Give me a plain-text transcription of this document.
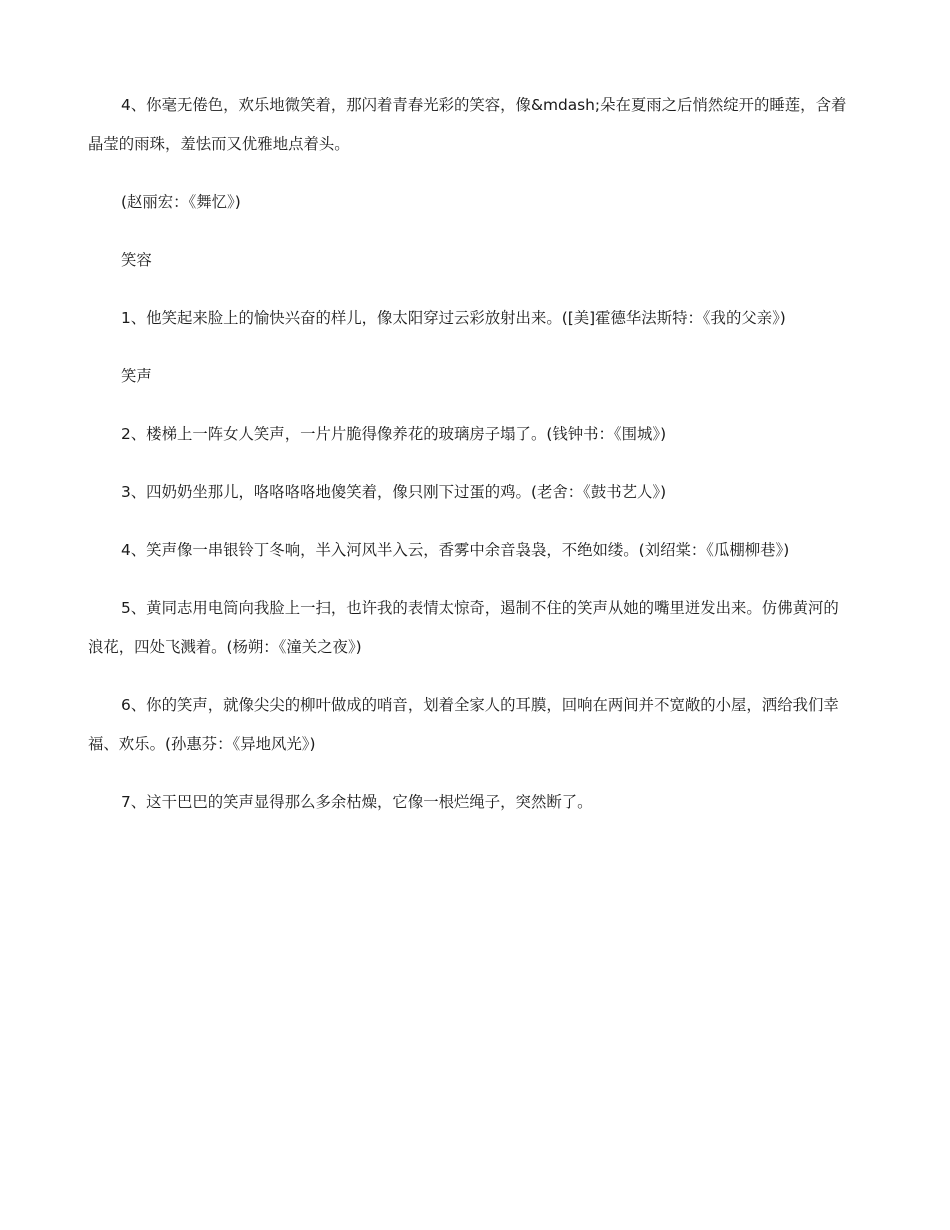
4、你毫无倦色，欢乐地微笑着，那闪着青春光彩的笑容，像&mdash;朵在夏雨之后悄然绽开的睡莲，含着晶莹的雨珠，羞怯而又优雅地点着头。

(赵丽宏：《舞忆》)

笑容

1、他笑起来脸上的愉快兴奋的样儿，像太阳穿过云彩放射出来。([美]霍德华法斯特：《我的父亲》)

笑声

2、楼梯上一阵女人笑声，一片片脆得像养花的玻璃房子塌了。(钱钟书：《围城》)

3、四奶奶坐那儿，咯咯咯咯地傻笑着，像只刚下过蛋的鸡。(老舍：《鼓书艺人》)

4、笑声像一串银铃丁冬响，半入河风半入云，香雾中余音袅袅，不绝如缕。(刘绍棠：《瓜棚柳巷》)

5、黄同志用电筒向我脸上一扫，也许我的表情太惊奇，遏制不住的笑声从她的嘴里迸发出来。仿佛黄河的浪花，四处飞溅着。(杨朔：《潼关之夜》)

6、你的笑声，就像尖尖的柳叶做成的哨音，划着全家人的耳膜，回响在两间并不宽敞的小屋，洒给我们幸福、欢乐。(孙惠芬：《异地风光》)

7、这干巴巴的笑声显得那么多余枯燥，它像一根烂绳子，突然断了。
